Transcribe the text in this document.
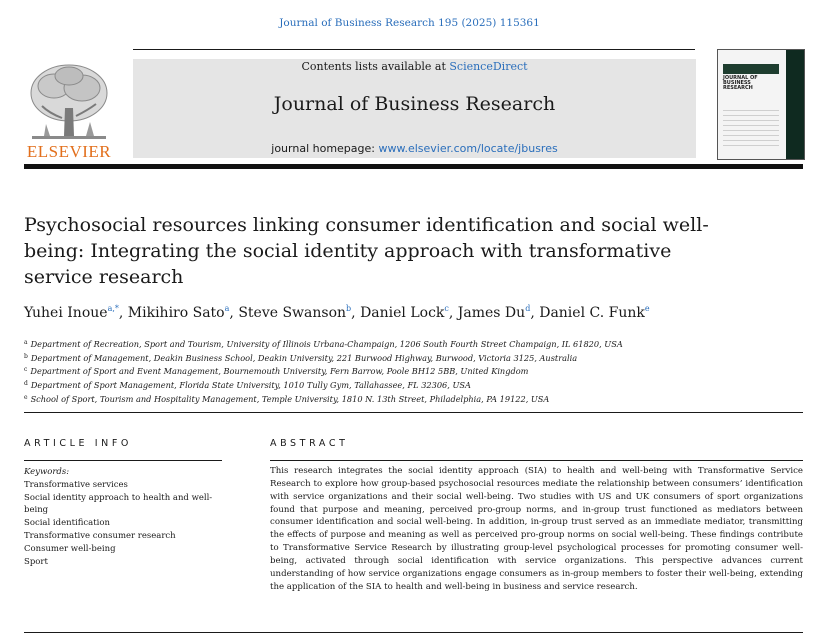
Journal of Business Research 195 (2025) 115361
ELSEVIER
Contents lists available at ScienceDirect
Journal of Business Research
journal homepage: www.elsevier.com/locate/jbusres
JOURNAL OF BUSINESS RESEARCH
Psychosocial resources linking consumer identification and social well-being: Integrating the social identity approach with transformative service research
Yuhei Inoue$^{a,*}$, Mikihiro Sato$^a$, Steve Swanson$^b$, Daniel Lock$^c$, James Du$^d$, Daniel C. Funk$^e$
$^a$ Department of Recreation, Sport and Tourism, University of Illinois Urbana-Champaign, 1206 South Fourth Street Champaign, IL 61820, USA
$^b$ Department of Management, Deakin Business School, Deakin University, 221 Burwood Highway, Burwood, Victoria 3125, Australia
$^c$ Department of Sport and Event Management, Bournemouth University, Fern Barrow, Poole BH12 5BB, United Kingdom
$^d$ Department of Sport Management, Florida State University, 1010 Tully Gym, Tallahassee, FL 32306, USA
$^e$ School of Sport, Tourism and Hospitality Management, Temple University, 1810 N. 13th Street, Philadelphia, PA 19122, USA
ARTICLE INFO
Keywords:
Transformative services
Social identity approach to health and well-being
Social identification
Transformative consumer research
Consumer well-being
Sport
ABSTRACT

This research integrates the social identity approach (SIA) to health and well-being with Transformative Service Research to explore how group-based psychosocial resources mediate the relationship between consumers’ identification with service organizations and their social well-being. Two studies with US and UK consumers of sport organizations found that purpose and meaning, perceived pro-group norms, and in-group trust functioned as mediators between consumer identification and social well-being. In addition, in-group trust served as an immediate mediator, transmitting the effects of purpose and meaning as well as perceived pro-group norms on social well-being. These findings contribute to Transformative Service Research by illustrating group-level psychological processes for promoting consumer well-being, activated through social identification with service organizations. This perspective advances current understanding of how service organizations engage consumers as in-group members to foster their well-being, extending the application of the SIA to health and well-being in business and service research.
